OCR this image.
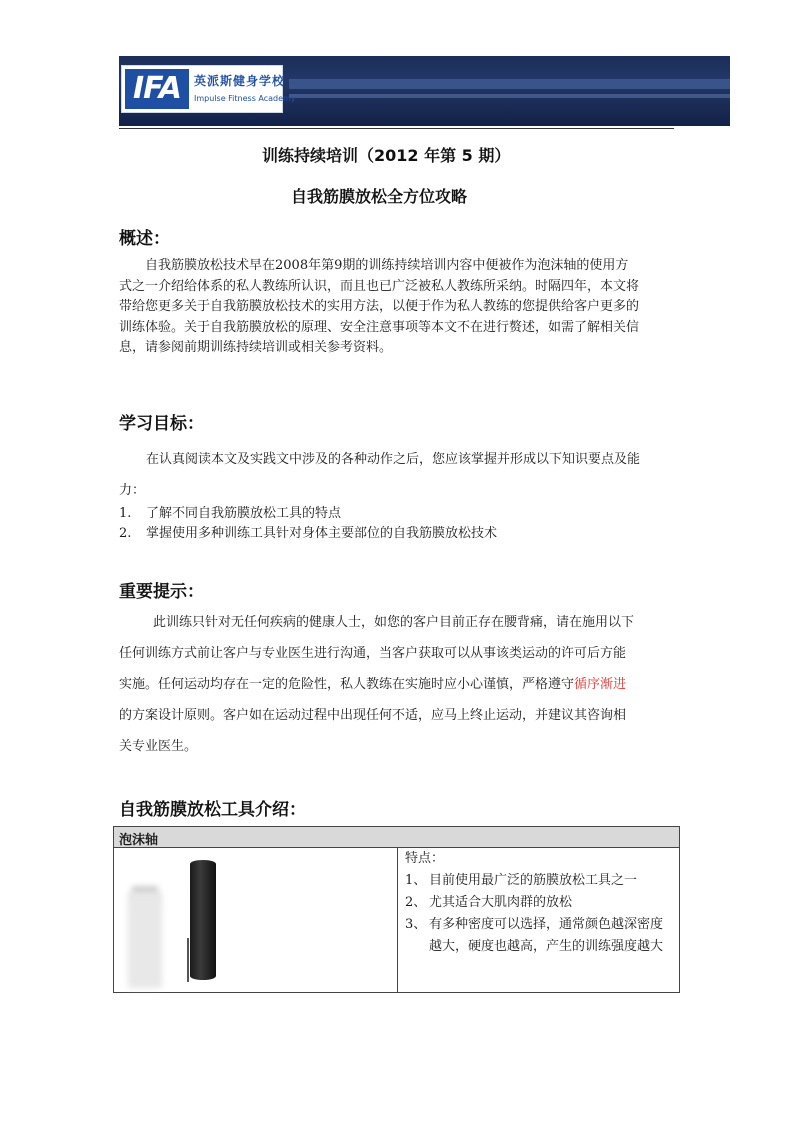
IFA	英派斯健身学校
Impulse Fitness Academy
训练持续培训（2012 年第 5 期）
自我筋膜放松全方位攻略
概述：
　　自我筋膜放松技术早在2008年第9期的训练持续培训内容中便被作为泡沫轴的使用方
式之一介绍给体系的私人教练所认识，而且也已广泛被私人教练所采纳。时隔四年，本文将
带给您更多关于自我筋膜放松技术的实用方法，以便于作为私人教练的您提供给客户更多的
训练体验。关于自我筋膜放松的原理、安全注意事项等本文不在进行赘述，如需了解相关信
息，请参阅前期训练持续培训或相关参考资料。
学习目标：
在认真阅读本文及实践文中涉及的各种动作之后，您应该掌握并形成以下知识要点及能
力：
1. 了解不同自我筋膜放松工具的特点
2. 掌握使用多种训练工具针对身体主要部位的自我筋膜放松技术
重要提示：
此训练只针对无任何疾病的健康人士，如您的客户目前正存在腰背痛，请在施用以下
任何训练方式前让客户与专业医生进行沟通，当客户获取可以从事该类运动的许可后方能
实施。任何运动均存在一定的危险性，私人教练在实施时应小心谨慎，严格遵守循序渐进
的方案设计原则。客户如在运动过程中出现任何不适，应马上终止运动，并建议其咨询相
关专业医生。
自我筋膜放松工具介绍：
泡沫轴
特点：
1、 目前使用最广泛的筋膜放松工具之一
2、 尤其适合大肌肉群的放松
3、 有多种密度可以选择，通常颜色越深密度
越大，硬度也越高，产生的训练强度越大
